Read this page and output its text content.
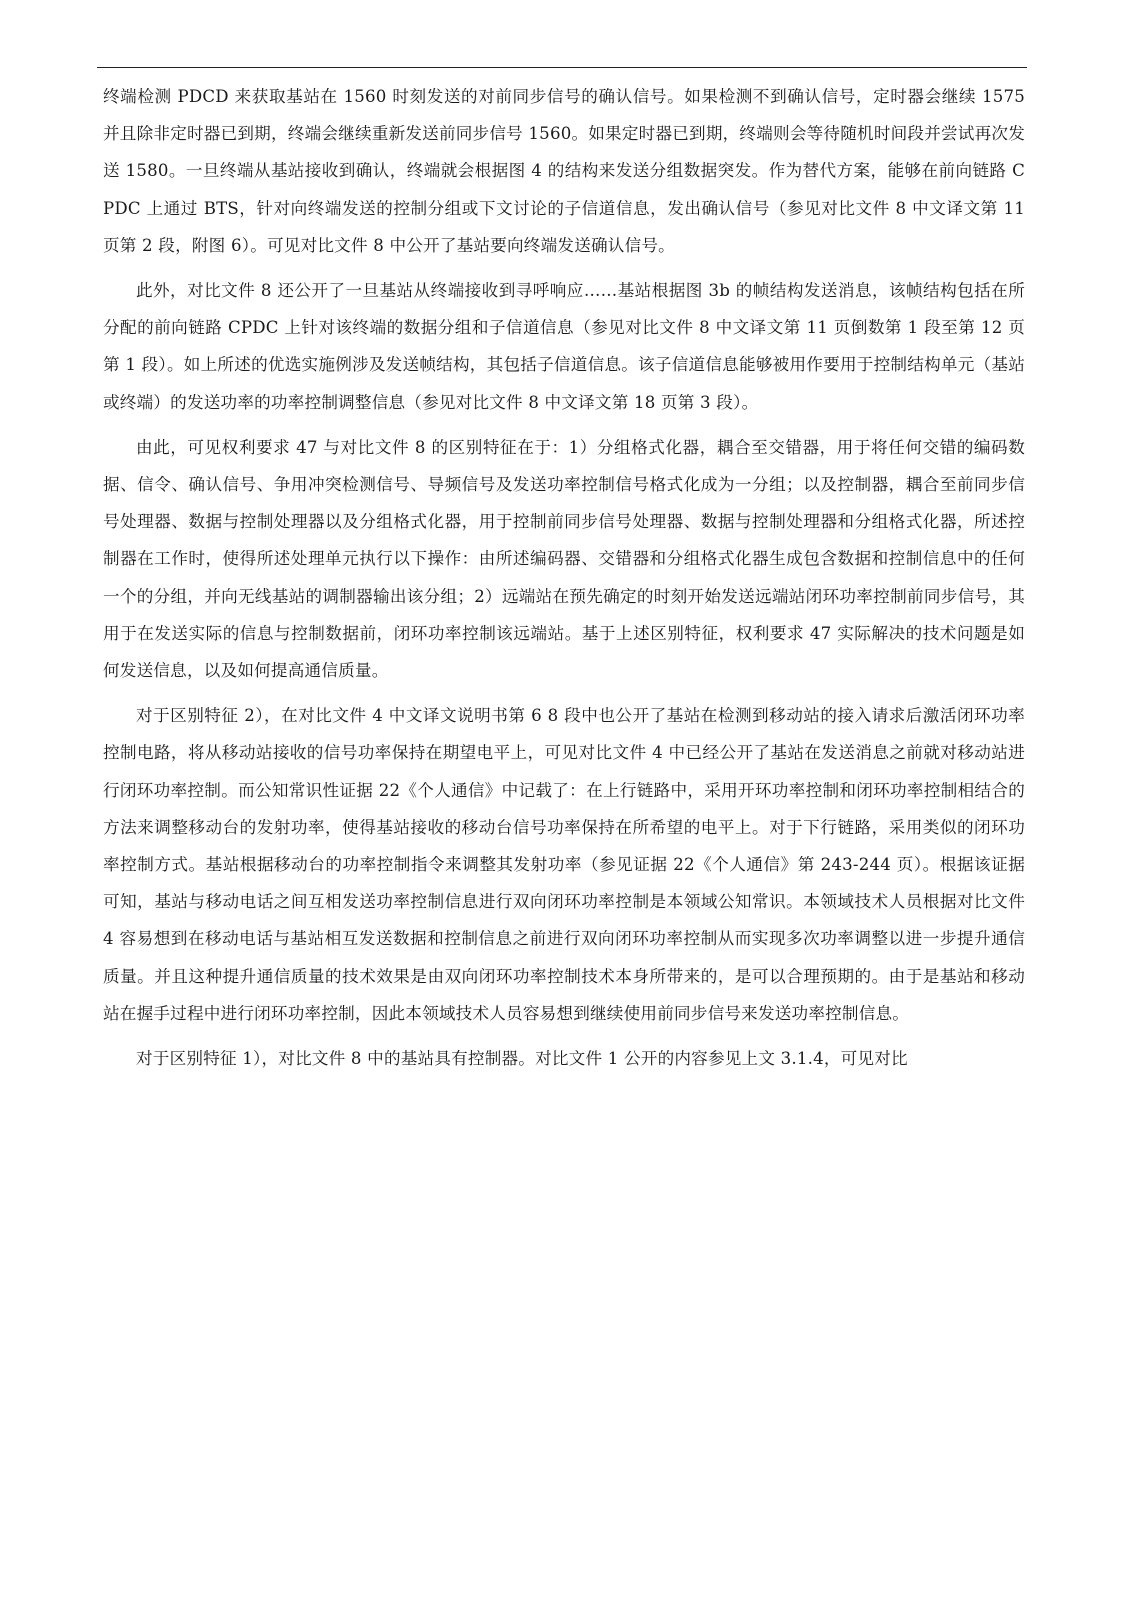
终端检测 PDCD 来获取基站在 1560 时刻发送的对前同步信号的确认信号。如果检测不到确认信号，定时器会继续 1575 并且除非定时器已到期，终端会继续重新发送前同步信号 1560。如果定时器已到期，终端则会等待随机时间段并尝试再次发送 1580。一旦终端从基站接收到确认，终端就会根据图 4 的结构来发送分组数据突发。作为替代方案，能够在前向链路 CPDC 上通过 BTS，针对向终端发送的控制分组或下文讨论的子信道信息，发出确认信号（参见对比文件 8 中文译文第 11 页第 2 段，附图 6）。可见对比文件 8 中公开了基站要向终端发送确认信号。

此外，对比文件 8 还公开了一旦基站从终端接收到寻呼响应……基站根据图 3b 的帧结构发送消息，该帧结构包括在所分配的前向链路 CPDC 上针对该终端的数据分组和子信道信息（参见对比文件 8 中文译文第 11 页倒数第 1 段至第 12 页第 1 段）。如上所述的优选实施例涉及发送帧结构，其包括子信道信息。该子信道信息能够被用作要用于控制结构单元（基站或终端）的发送功率的功率控制调整信息（参见对比文件 8 中文译文第 18 页第 3 段）。

由此，可见权利要求 47 与对比文件 8 的区别特征在于：1）分组格式化器，耦合至交错器，用于将任何交错的编码数据、信令、确认信号、争用冲突检测信号、导频信号及发送功率控制信号格式化成为一分组；以及控制器，耦合至前同步信号处理器、数据与控制处理器以及分组格式化器，用于控制前同步信号处理器、数据与控制处理器和分组格式化器，所述控制器在工作时，使得所述处理单元执行以下操作：由所述编码器、交错器和分组格式化器生成包含数据和控制信息中的任何一个的分组，并向无线基站的调制器输出该分组；2）远端站在预先确定的时刻开始发送远端站闭环功率控制前同步信号，其用于在发送实际的信息与控制数据前，闭环功率控制该远端站。基于上述区别特征，权利要求 47 实际解决的技术问题是如何发送信息，以及如何提高通信质量。

对于区别特征 2），在对比文件 4 中文译文说明书第 6 8 段中也公开了基站在检测到移动站的接入请求后激活闭环功率控制电路，将从移动站接收的信号功率保持在期望电平上，可见对比文件 4 中已经公开了基站在发送消息之前就对移动站进行闭环功率控制。而公知常识性证据 22《个人通信》中记载了：在上行链路中，采用开环功率控制和闭环功率控制相结合的方法来调整移动台的发射功率，使得基站接收的移动台信号功率保持在所希望的电平上。对于下行链路，采用类似的闭环功率控制方式。基站根据移动台的功率控制指令来调整其发射功率（参见证据 22《个人通信》第 243-244 页）。根据该证据可知，基站与移动电话之间互相发送功率控制信息进行双向闭环功率控制是本领域公知常识。本领域技术人员根据对比文件 4 容易想到在移动电话与基站相互发送数据和控制信息之前进行双向闭环功率控制从而实现多次功率调整以进一步提升通信质量。并且这种提升通信质量的技术效果是由双向闭环功率控制技术本身所带来的，是可以合理预期的。由于是基站和移动站在握手过程中进行闭环功率控制，因此本领域技术人员容易想到继续使用前同步信号来发送功率控制信息。

对于区别特征 1），对比文件 8 中的基站具有控制器。对比文件 1 公开的内容参见上文 3.1.4，可见对比
